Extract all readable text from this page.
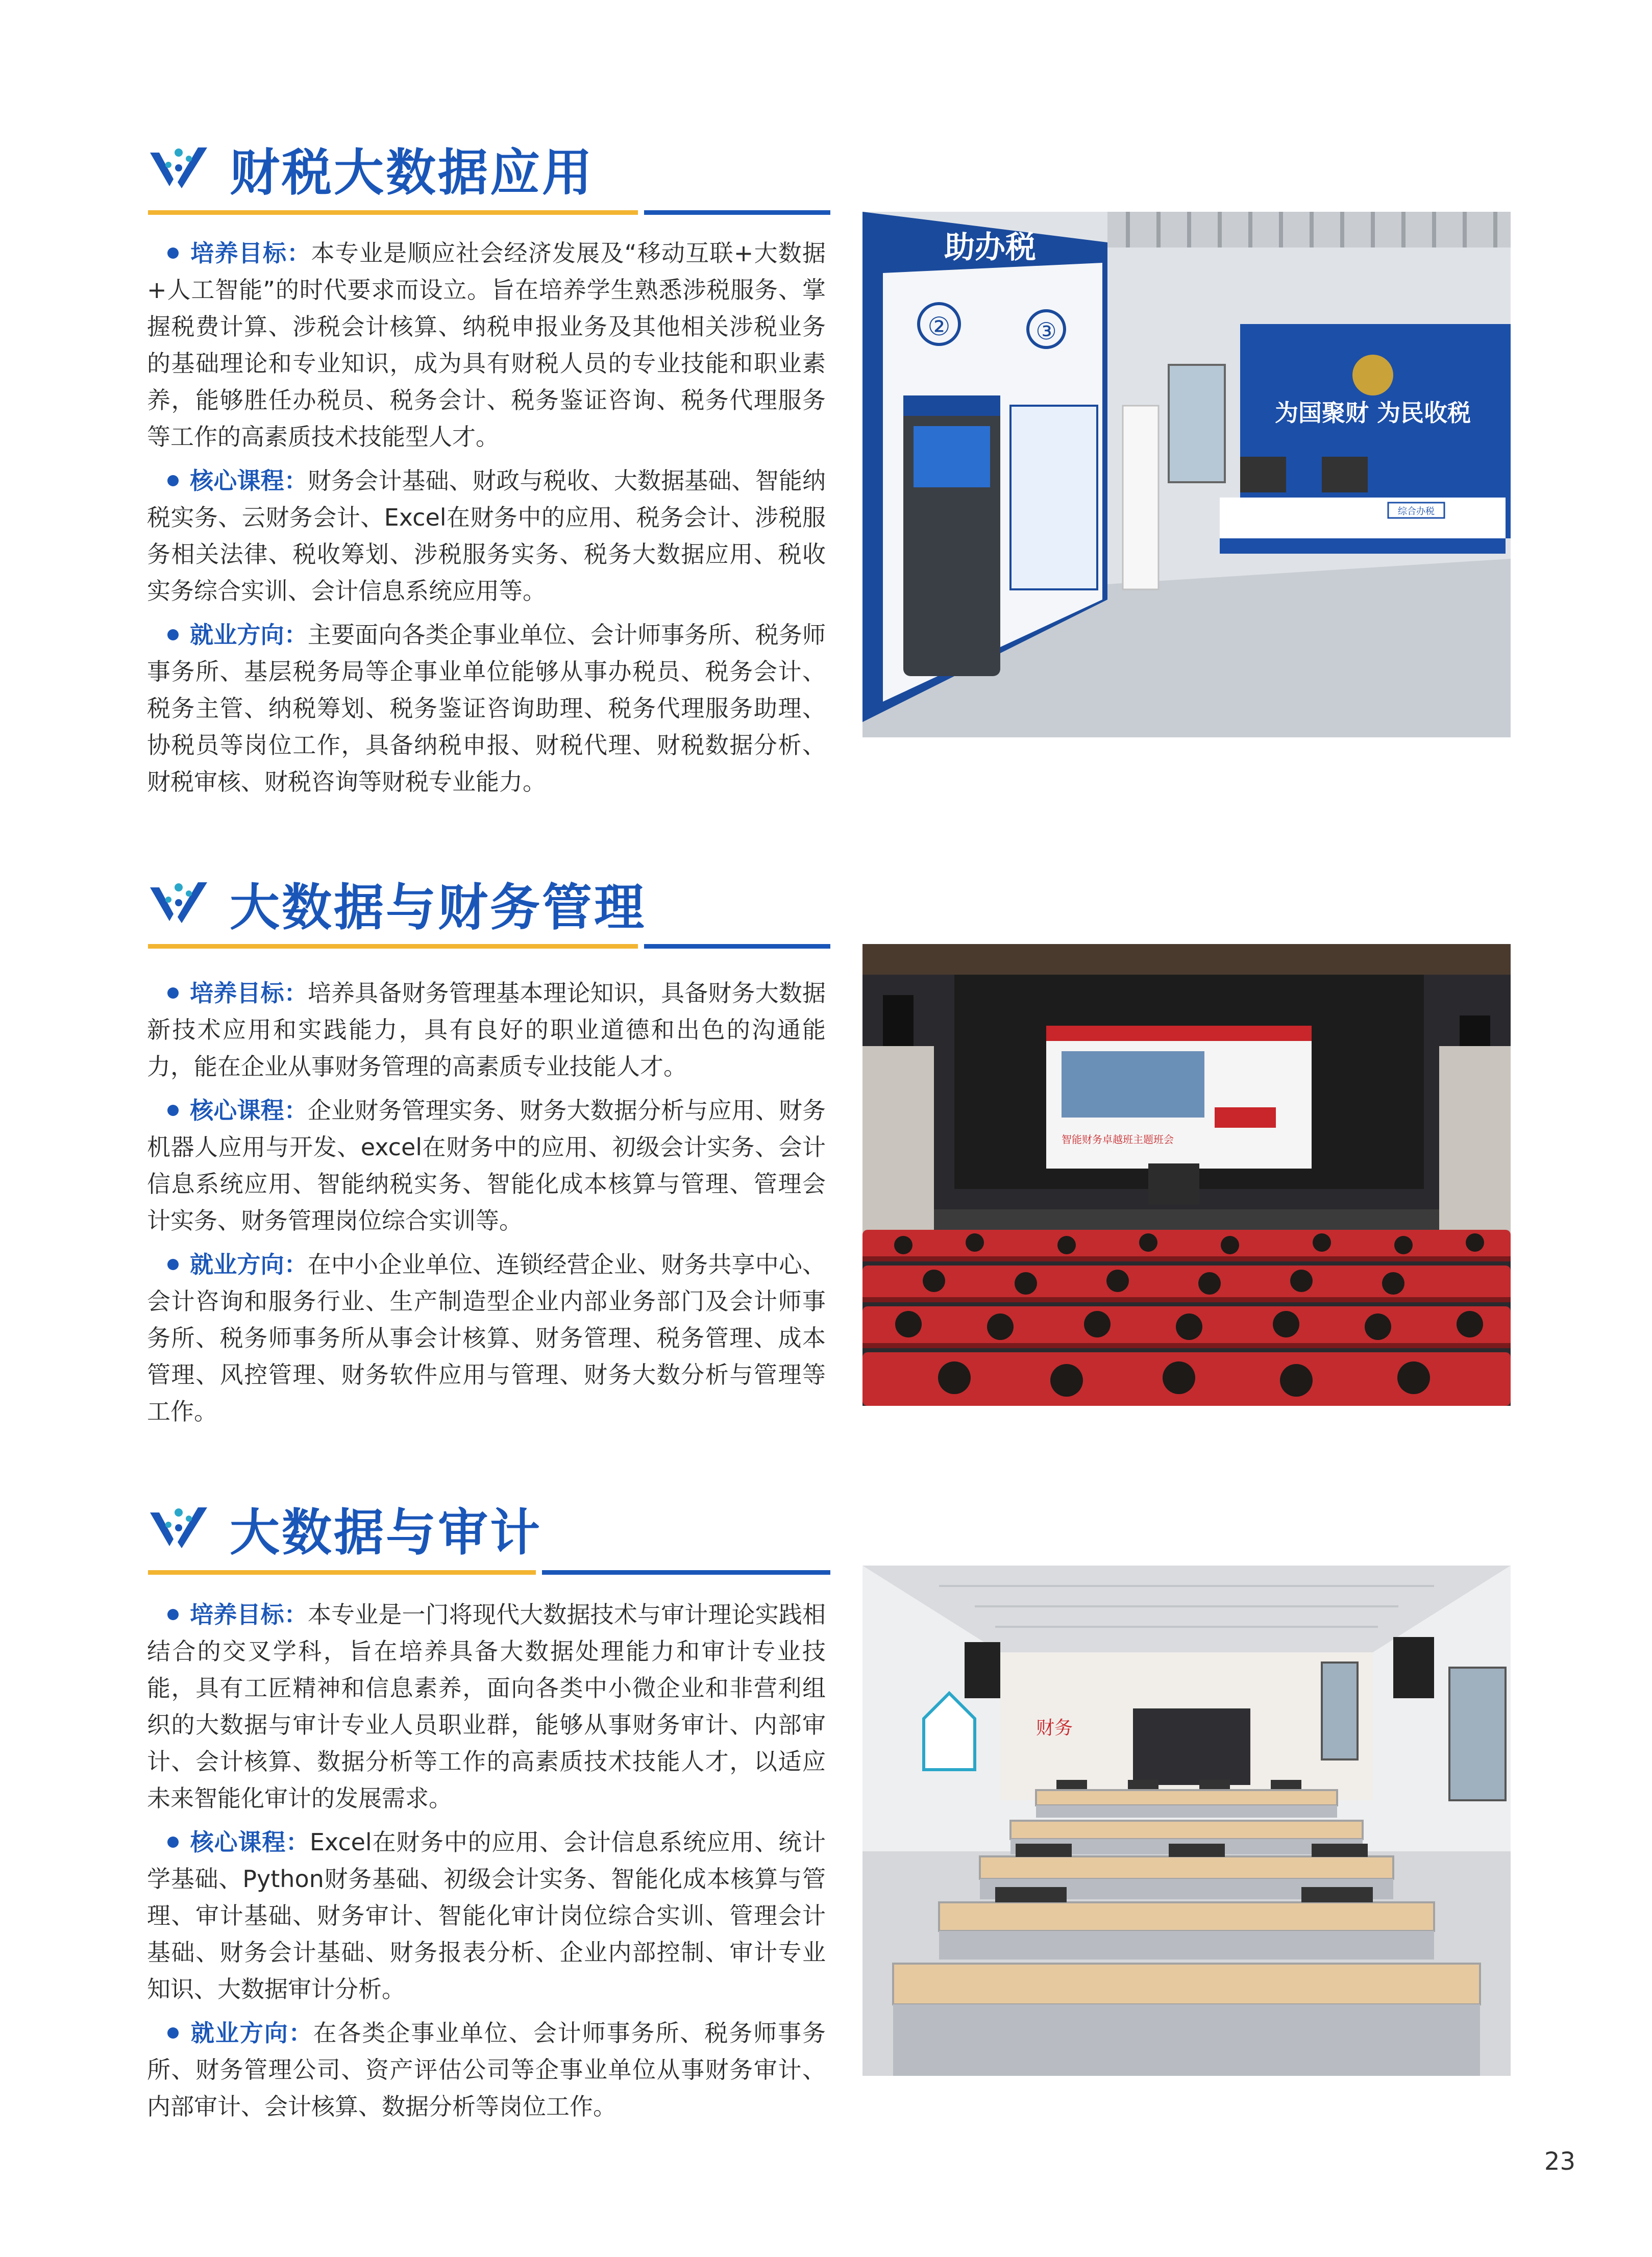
财税大数据应用

培养目标：本专业是顺应社会经济发展及“移动互联+大数据+人工智能”的时代要求而设立。旨在培养学生熟悉涉税服务、掌握税费计算、涉税会计核算、纳税申报业务及其他相关涉税业务的基础理论和专业知识，成为具有财税人员的专业技能和职业素养，能够胜任办税员、税务会计、税务鉴证咨询、税务代理服务等工作的高素质技术技能型人才。

核心课程：财务会计基础、财政与税收、大数据基础、智能纳税实务、云财务会计、Excel在财务中的应用、税务会计、涉税服务相关法律、税收筹划、涉税服务实务、税务大数据应用、税收实务综合实训、会计信息系统应用等。

就业方向：主要面向各类企事业单位、会计师事务所、税务师事务所、基层税务局等企事业单位能够从事办税员、税务会计、税务主管、纳税筹划、税务鉴证咨询助理、税务代理服务助理、协税员等岗位工作，具备纳税申报、财税代理、财税数据分析、财税审核、财税咨询等财税专业能力。

为国聚财 为民收税
综合办税
助办税
②	③
大数据与财务管理

培养目标：培养具备财务管理基本理论知识，具备财务大数据新技术应用和实践能力，具有良好的职业道德和出色的沟通能力，能在企业从事财务管理的高素质专业技能人才。

核心课程：企业财务管理实务、财务大数据分析与应用、财务机器人应用与开发、excel在财务中的应用、初级会计实务、会计信息系统应用、智能纳税实务、智能化成本核算与管理、管理会计实务、财务管理岗位综合实训等。

就业方向：在中小企业单位、连锁经营企业、财务共享中心、会计咨询和服务行业、生产制造型企业内部业务部门及会计师事务所、税务师事务所从事会计核算、财务管理、税务管理、成本管理、风控管理、财务软件应用与管理、财务大数分析与管理等工作。

智能财务卓越班主题班会
大数据与审计

培养目标：本专业是一门将现代大数据技术与审计理论实践相结合的交叉学科，旨在培养具备大数据处理能力和审计专业技能，具有工匠精神和信息素养，面向各类中小微企业和非营利组织的大数据与审计专业人员职业群，能够从事财务审计、内部审计、会计核算、数据分析等工作的高素质技术技能人才，以适应未来智能化审计的发展需求。

核心课程：Excel在财务中的应用、会计信息系统应用、统计学基础、Python财务基础、初级会计实务、智能化成本核算与管理、审计基础、财务审计、智能化审计岗位综合实训、管理会计基础、财务会计基础、财务报表分析、企业内部控制、审计专业知识、大数据审计分析。

就业方向：在各类企事业单位、会计师事务所、税务师事务所、财务管理公司、资产评估公司等企事业单位从事财务审计、内部审计、会计核算、数据分析等岗位工作。

财务
23
